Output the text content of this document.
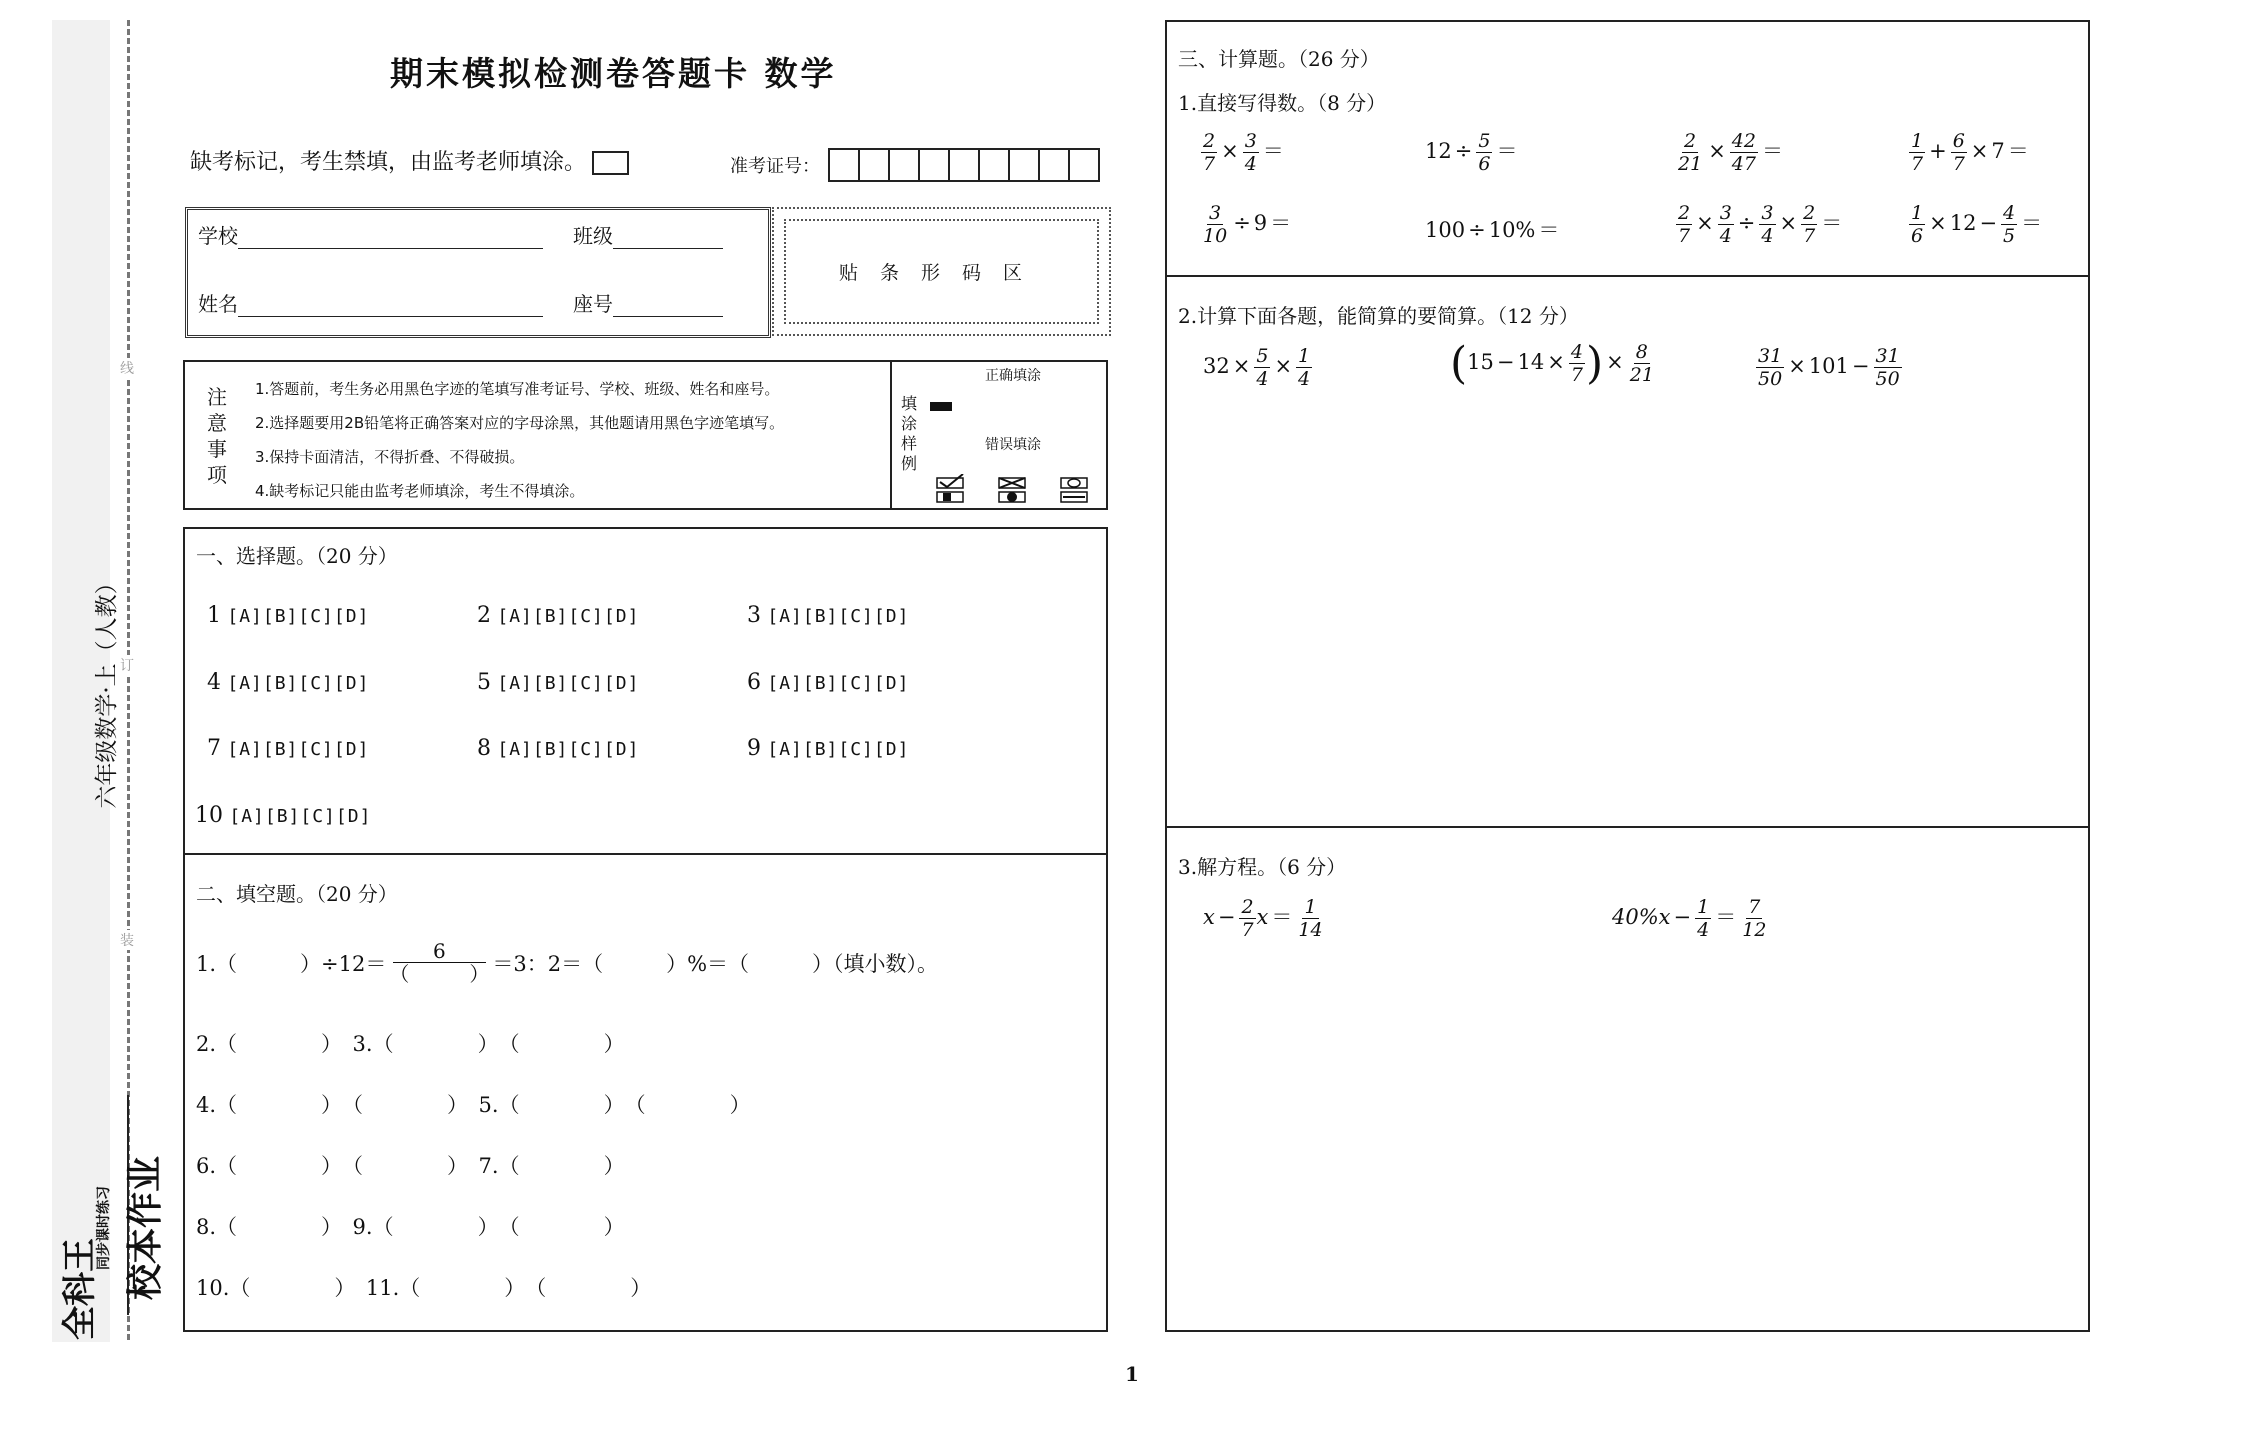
线
订
装
六年级数学·上（人教）
全科王
同步课时练习 校本作业
期末模拟检测卷答题卡 数学
缺考标记，考生禁填，由监考老师填涂。	准考证号：
学校	班级
姓名	座号
贴条形码区
注意事项
1.答题前，考生务必用黑色字迹的笔填写准考证号、学校、班级、姓名和座号。
2.选择题要用2B铅笔将正确答案对应的字母涂黑，其他题请用黑色字迹笔填写。
3.保持卡面清洁，不得折叠、不得破损。
4.缺考标记只能由监考老师填涂，考生不得填涂。
填涂样例
正确填涂
错误填涂
一、选择题。（20 分）
1 [A][B][C][D]	2 [A][B][C][D]	3 [A][B][C][D]
4 [A][B][C][D]	5 [A][B][C][D]	6 [A][B][C][D]
7 [A][B][C][D]	8 [A][B][C][D]	9 [A][B][C][D]
10 [A][B][C][D]
二、填空题。（20 分）
1.（　　　）$\div 12= \frac{6}{( )} =3$：2＝（　　　）%＝（　　　）（填小数）。
2.（　　　　）　3.（　　　　）　（　　　　）
4.（　　　　）　（　　　　）　5.（　　　　）　（　　　　）
6.（　　　　）　（　　　　）　7.（　　　　）
8.（　　　　）　9.（　　　　）　（　　　　）
10.（　　　　）　11.（　　　　）　（　　　　）
三、计算题。（26 分）
1.直接写得数。（8 分）
$\frac{2}{7} \times \frac{3}{4}$ ＝	$12 \div \frac{5}{6}$ ＝	$\frac{2}{21} \times \frac{42}{47}$ ＝	$\frac{1}{7} + \frac{6}{7} \times 7$ ＝
$\frac{3}{10} \div 9$ ＝	100 ÷ 10% ＝	$\frac{2}{7} \times \frac{3}{4} \div \frac{3}{4} \times \frac{2}{7}$ ＝	$\frac{1}{6} \times 12 - \frac{4}{5}$ ＝
2.计算下面各题，能简算的要简算。（12 分）
$32 \times \frac{5}{4} \times \frac{1}{4}$	($15 - 14 \times \frac{4}{7}$ ) × $\frac{8}{21}$	$\frac{31}{50} \times 101 - \frac{31}{50}$
3.解方程。（6 分）
$x - \frac{2}{7}$ $x = \frac{1}{14}$	$40\%x - \frac{1}{4} = \frac{7}{12}$
1
